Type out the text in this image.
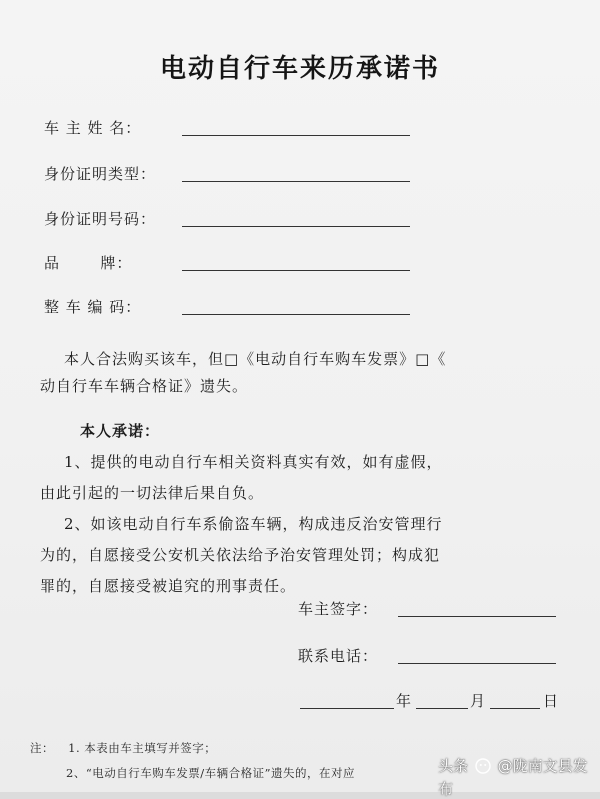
电动自行车来历承诺书
车 主 姓 名：
身份证明类型：
身份证明号码：
品       牌：
整 车 编 码：
本人合法购买该车，但□《电动自行车购车发票》□《
动自行车车辆合格证》遗失。
本人承诺：
1、提供的电动自行车相关资料真实有效，如有虚假，
由此引起的一切法律后果自负。
2、如该电动自行车系偷盗车辆，构成违反治安管理行
为的，自愿接受公安机关依法给予治安管理处罚；构成犯
罪的，自愿接受被追究的刑事责任。
车主签字：
联系电话：
年	月	日
注： 1. 本表由车主填写并签字；
2、“电动自行车购车发票/车辆合格证”遗失的，在对应	头条 @陇南文县发布
